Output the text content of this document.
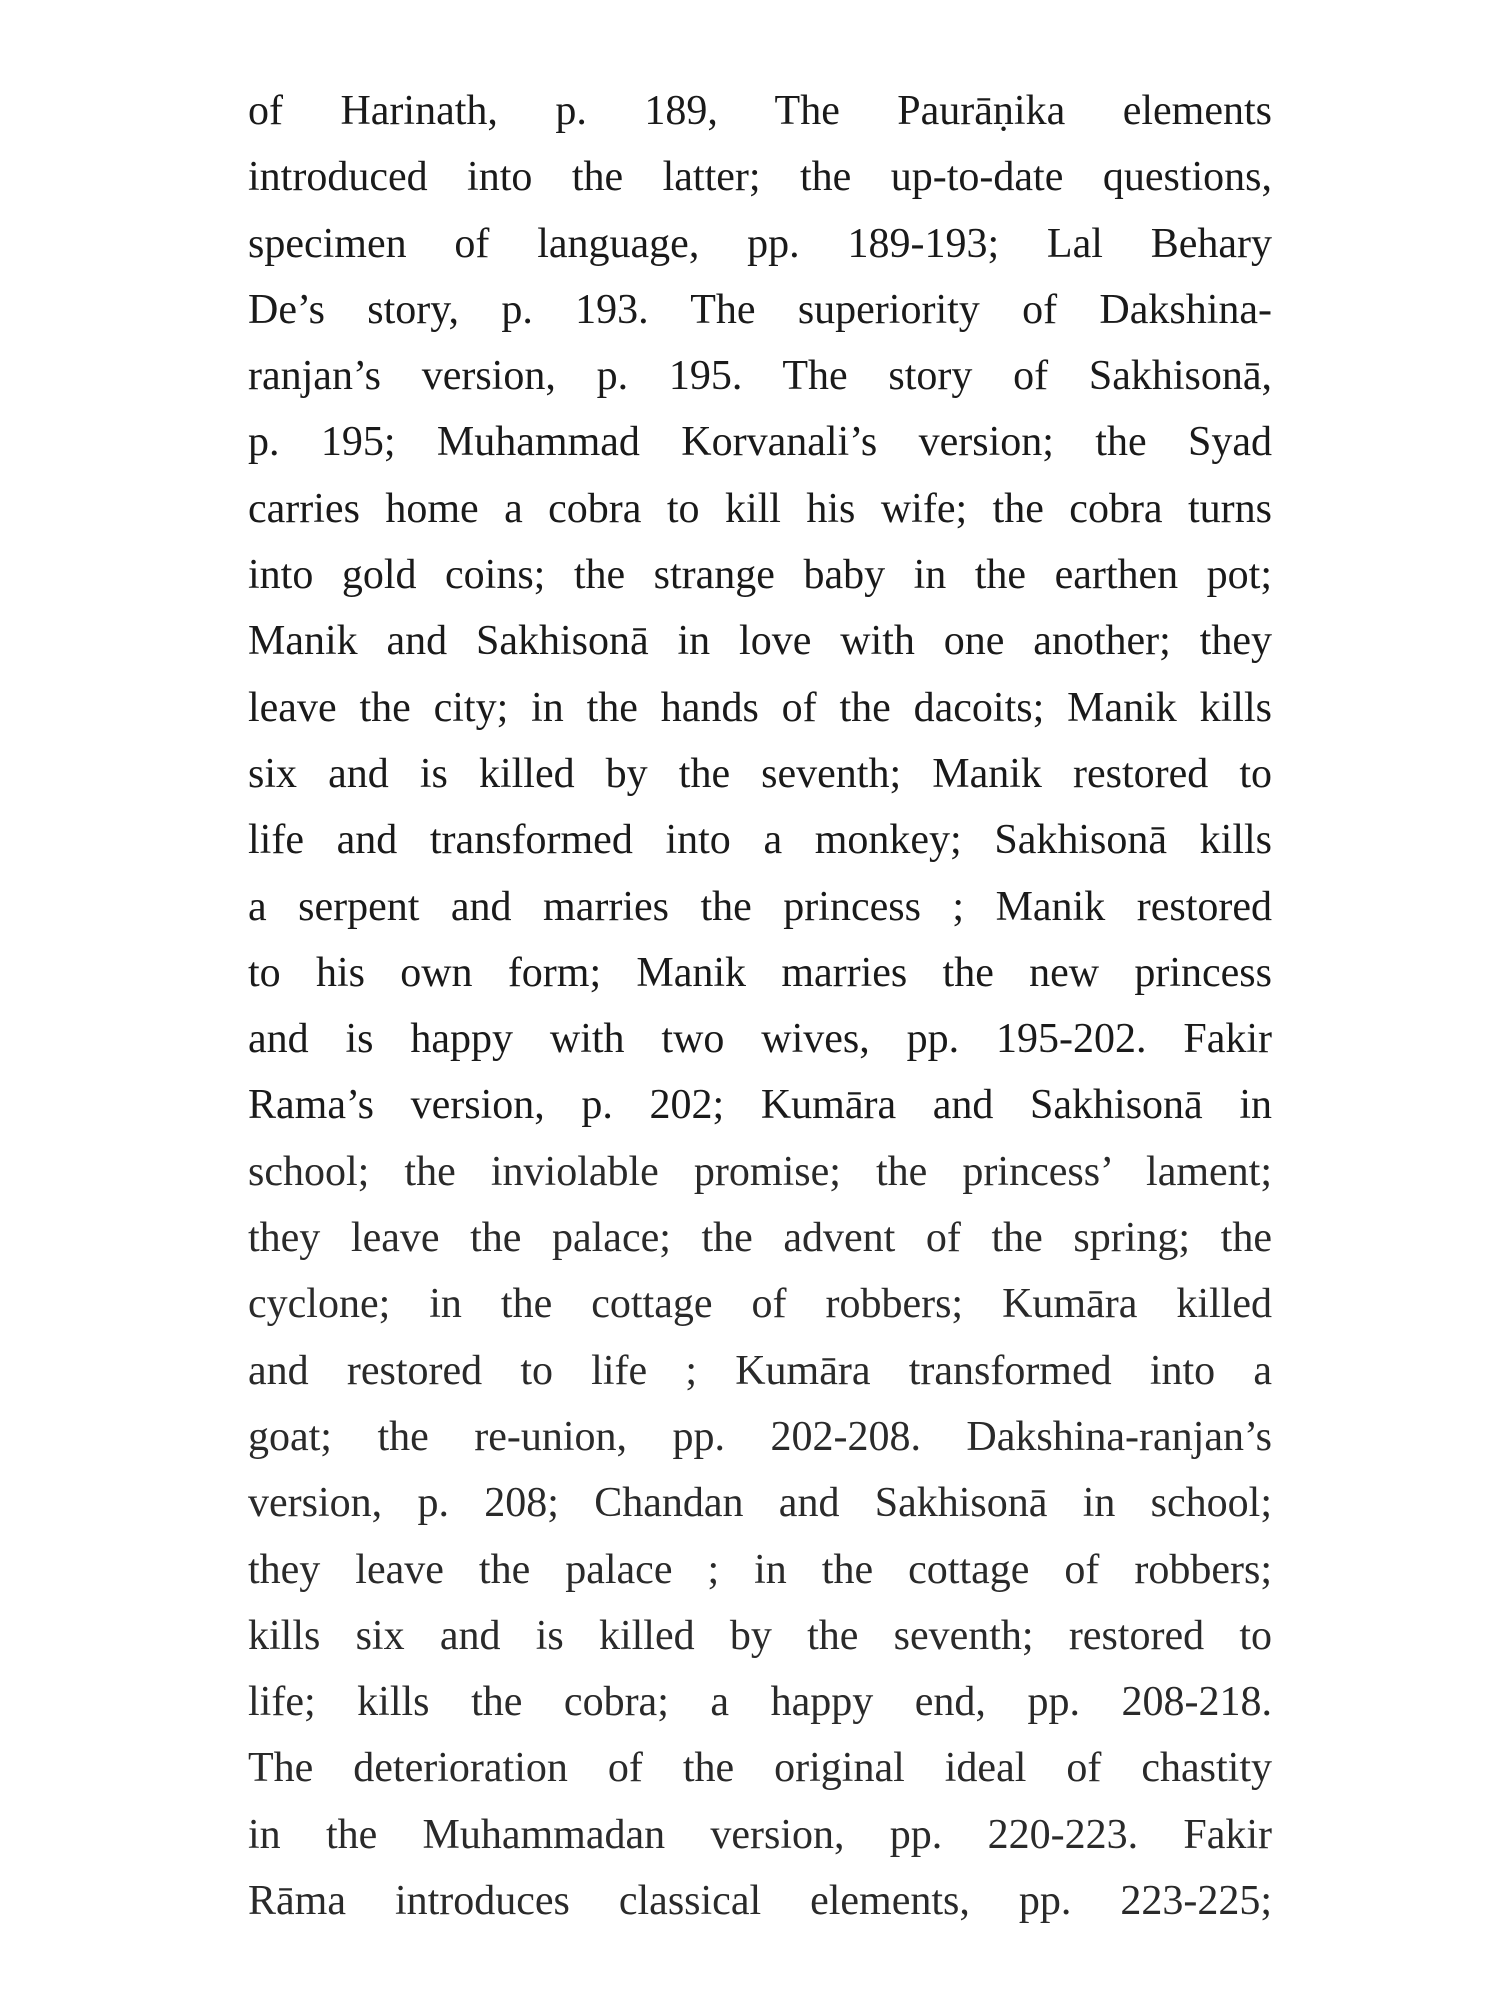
of Harinath, p. 189, The Paurāṇika elements
introduced into the latter; the up-to-date questions,
specimen of language, pp. 189-193; Lal Behary
De’s story, p. 193. The superiority of Dakshina-
ranjan’s version, p. 195. The story of Sakhisonā,
p. 195; Muhammad Korvanali’s version; the Syad
carries home a cobra to kill his wife; the cobra turns
into gold coins; the strange baby in the earthen pot;
Manik and Sakhisonā in love with one another; they
leave the city; in the hands of the dacoits; Manik kills
six and is killed by the seventh; Manik restored to
life and transformed into a monkey; Sakhisonā kills
a serpent and marries the princess ; Manik restored
to his own form; Manik marries the new princess
and is happy with two wives, pp. 195-202. Fakir
Rama’s version, p. 202; Kumāra and Sakhisonā in
school; the inviolable promise; the princess’ lament;
they leave the palace; the advent of the spring; the
cyclone; in the cottage of robbers; Kumāra killed
and restored to life ; Kumāra transformed into a
goat; the re-union, pp. 202-208. Dakshina-ranjan’s
version, p. 208; Chandan and Sakhisonā in school;
they leave the palace ; in the cottage of robbers;
kills six and is killed by the seventh; restored to
life; kills the cobra; a happy end, pp. 208-218.
The deterioration of the original ideal of chastity
in the Muhammadan version, pp. 220-223. Fakir
Rāma introduces classical elements, pp. 223-225;
